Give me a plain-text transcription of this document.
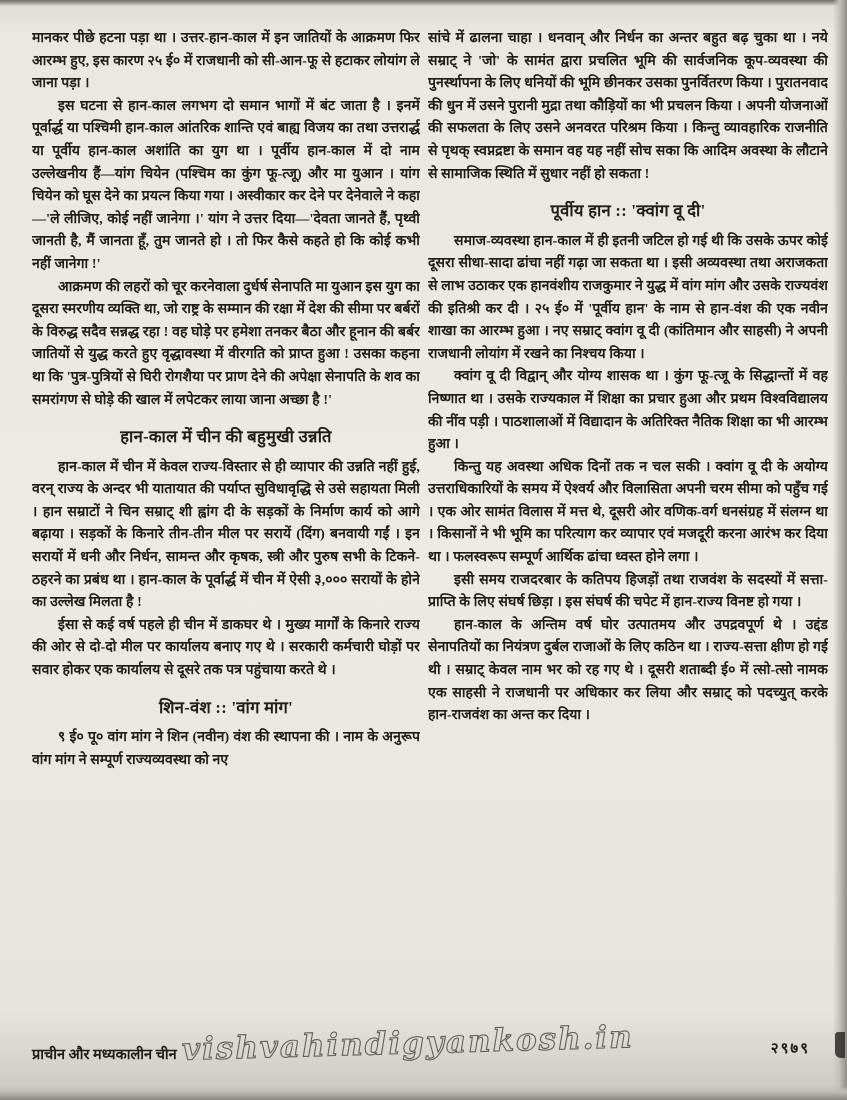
मानकर पीछे हटना पड़ा था । उत्तर-हान-काल में इन जातियों के आक्रमण फिर आरम्भ हुए, इस कारण २५ ई० में राजधानी को सी-आन-फू से हटाकर लोयांग ले जाना पड़ा ।

इस घटना से हान-काल लगभग दो समान भागों में बंट जाता है । इनमें पूर्वार्द्ध या पश्चिमी हान-काल आंतरिक शान्ति एवं बाह्य विजय का तथा उत्तरार्द्ध या पूर्वीय हान-काल अशांति का युग था । पूर्वीय हान-काल में दो नाम उल्लेखनीय हैं—यांग चियेन (पश्चिम का कुंग फू-त्जू) और मा युआन । यांग चियेन को घूस देने का प्रयत्न किया गया । अस्वीकार कर देने पर देनेवाले ने कहा—'ले लीजिए, कोई नहीं जानेगा ।' यांग ने उत्तर दिया—'देवता जानते हैं, पृथ्वी जानती है, मैं जानता हूँ, तुम जानते हो । तो फिर कैसे कहते हो कि कोई कभी नहीं जानेगा !'

आक्रमण की लहरों को चूर करनेवाला दुर्धर्ष सेनापति मा युआन इस युग का दूसरा स्मरणीय व्यक्ति था, जो राष्ट्र के सम्मान की रक्षा में देश की सीमा पर बर्बरों के विरुद्ध सदैव सन्नद्ध रहा ! वह घोड़े पर हमेशा तनकर बैठा और हूनान की बर्बर जातियों से युद्ध करते हुए वृद्धावस्था में वीरगति को प्राप्त हुआ ! उसका कहना था कि 'पुत्र-पुत्रियों से घिरी रोगशैया पर प्राण देने की अपेक्षा सेनापति के शव का समरांगण से घोड़े की खाल में लपेटकर लाया जाना अच्छा है !'

हान-काल में चीन की बहुमुखी उन्नति

हान-काल में चीन में केवल राज्य-विस्तार से ही व्यापार की उन्नति नहीं हुई, वरन् राज्य के अन्दर भी यातायात की पर्याप्त सुविधावृद्धि से उसे सहायता मिली । हान सम्राटों ने चिन सम्राट् शी ह्वांग दी के सड़कों के निर्माण कार्य को आगे बढ़ाया । सड़कों के किनारे तीन-तीन मील पर सरायें (दिंग) बनवायी गईं । इन सरायों में धनी और निर्धन, सामन्त और कृषक, स्त्री और पुरुष सभी के टिकने-ठहरने का प्रबंध था । हान-काल के पूर्वार्द्ध में चीन में ऐसी ३,००० सरायों के होने का उल्लेख मिलता है !

ईसा से कई वर्ष पहले ही चीन में डाकघर थे । मुख्य मार्गों के किनारे राज्य की ओर से दो-दो मील पर कार्यालय बनाए गए थे । सरकारी कर्मचारी घोड़ों पर सवार होकर एक कार्यालय से दूसरे तक पत्र पहुंचाया करते थे ।

शिन-वंश :: 'वांग मांग'

९ ई० पू० वांग मांग ने शिन (नवीन) वंश की स्थापना की । नाम के अनुरूप वांग मांग ने सम्पूर्ण राज्यव्यवस्था को नए

सांचे में ढालना चाहा । धनवान् और निर्धन का अन्तर बहुत बढ़ चुका था । नये सम्राट् ने 'जो' के सामंत द्वारा प्रचलित भूमि की सार्वजनिक कूप-व्यवस्था की पुनर्स्थापना के लिए धनियों की भूमि छीनकर उसका पुनर्वितरण किया । पुरातनवाद की धुन में उसने पुरानी मुद्रा तथा कौड़ियों का भी प्रचलन किया । अपनी योजनाओं की सफलता के लिए उसने अनवरत परिश्रम किया । किन्तु व्यावहारिक राजनीति से पृथक् स्वप्नद्रष्टा के समान वह यह नहीं सोच सका कि आदिम अवस्था के लौटाने से सामाजिक स्थिति में सुधार नहीं हो सकता !

पूर्वीय हान :: 'क्वांग वू दी'

समाज-व्यवस्था हान-काल में ही इतनी जटिल हो गई थी कि उसके ऊपर कोई दूसरा सीधा-सादा ढांचा नहीं गढ़ा जा सकता था । इसी अव्यवस्था तथा अराजकता से लाभ उठाकर एक हानवंशीय राजकुमार ने युद्ध में वांग मांग और उसके राज्यवंश की इतिश्री कर दी । २५ ई० में 'पूर्वीय हान' के नाम से हान-वंश की एक नवीन शाखा का आरम्भ हुआ । नए सम्राट् क्वांग वू दी (कांतिमान और साहसी) ने अपनी राजधानी लोयांग में रखने का निश्चय किया ।

क्वांग वू दी विद्वान् और योग्य शासक था । कुंग फू-त्जू के सिद्धान्तों में वह निष्णात था । उसके राज्यकाल में शिक्षा का प्रचार हुआ और प्रथम विश्वविद्यालय की नींव पड़ी । पाठशालाओं में विद्यादान के अतिरिक्त नैतिक शिक्षा का भी आरम्भ हुआ ।

किन्तु यह अवस्था अधिक दिनों तक न चल सकी । क्वांग वू दी के अयोग्य उत्तराधिकारियों के समय में ऐश्वर्य और विलासिता अपनी चरम सीमा को पहुँच गई । एक ओर सामंत विलास में मत्त थे, दूसरी ओर वणिक-वर्ग धनसंग्रह में संलग्न था । किसानों ने भी भूमि का परित्याग कर व्यापार एवं मजदूरी करना आरंभ कर दिया था । फलस्वरूप सम्पूर्ण आर्थिक ढांचा ध्वस्त होने लगा ।

इसी समय राजदरबार के कतिपय हिजड़ों तथा राजवंश के सदस्यों में सत्ता-प्राप्ति के लिए संघर्ष छिड़ा । इस संघर्ष की चपेट में हान-राज्य विनष्ट हो गया ।

हान-काल के अन्तिम वर्ष घोर उत्पातमय और उपद्रवपूर्ण थे । उद्दंड सेनापतियों का नियंत्रण दुर्बल राजाओं के लिए कठिन था । राज्य-सत्ता क्षीण हो गई थी । सम्राट् केवल नाम भर को रह गए थे । दूसरी शताब्दी ई० में त्सो-त्सो नामक एक साहसी ने राजधानी पर अधिकार कर लिया और सम्राट् को पदच्युत् करके हान-राजवंश का अन्त कर दिया ।

प्राचीन और मध्यकालीन चीन vishvahindigyankosh.in	२९७९
